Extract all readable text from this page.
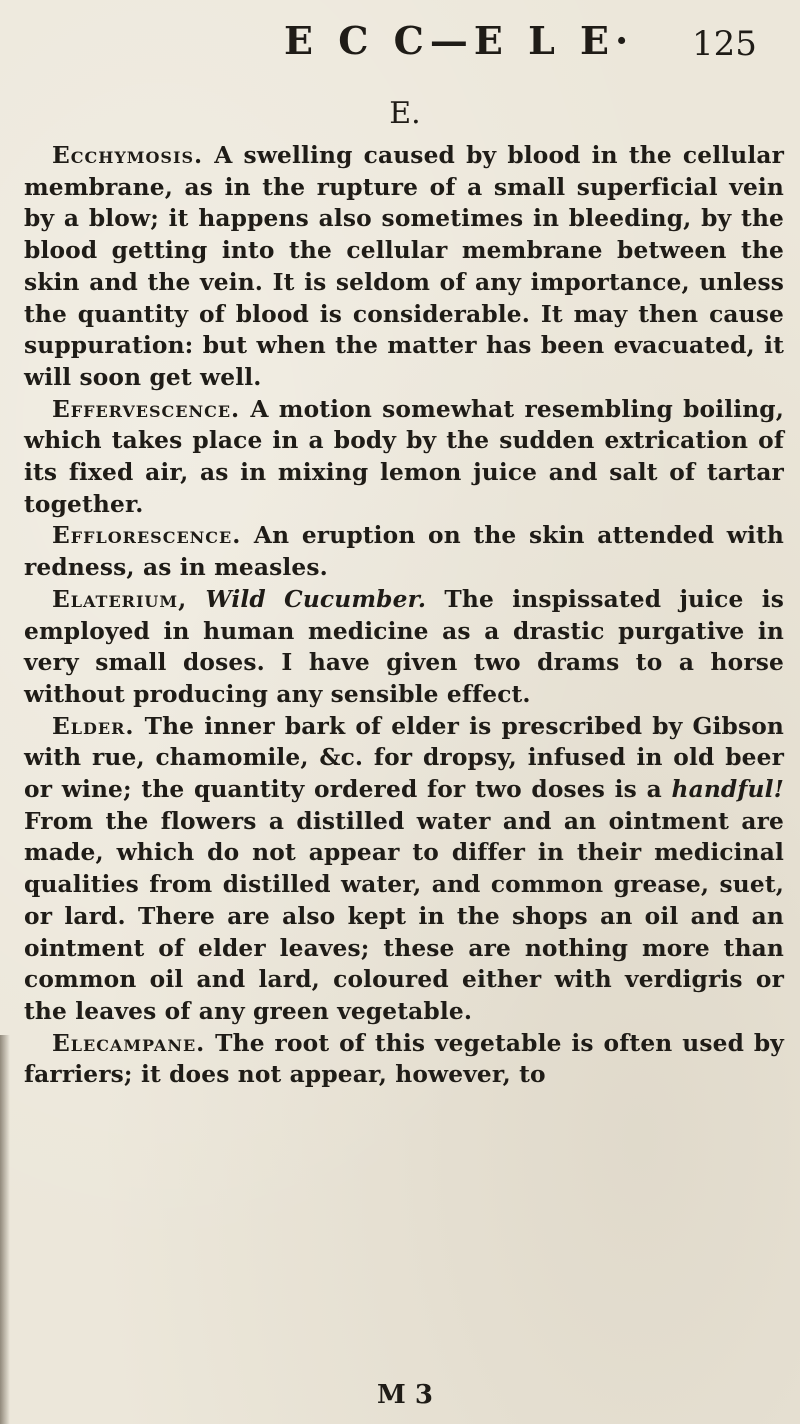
E C C—E L E· 125
E.

Ecchymosis. A swelling caused by blood in the cellular membrane, as in the rupture of a small superficial vein by a blow; it happens also sometimes in bleeding, by the blood getting into the cellular membrane between the skin and the vein. It is seldom of any importance, unless the quantity of blood is considerable. It may then cause suppuration: but when the matter has been evacuated, it will soon get well.

Effervescence. A motion somewhat resembling boiling, which takes place in a body by the sudden extrication of its fixed air, as in mixing lemon juice and salt of tartar together.

Efflorescence. An eruption on the skin attended with redness, as in measles.

Elaterium, Wild Cucumber. The inspissated juice is employed in human medicine as a drastic purgative in very small doses. I have given two drams to a horse without producing any sensible effect.

Elder. The inner bark of elder is prescribed by Gibson with rue, chamomile, &c. for dropsy, infused in old beer or wine; the quantity ordered for two doses is a handful! From the flowers a distilled water and an ointment are made, which do not appear to differ in their medicinal qualities from distilled water, and common grease, suet, or lard. There are also kept in the shops an oil and an ointment of elder leaves; these are nothing more than common oil and lard, coloured either with verdigris or the leaves of any green vegetable.

Elecampane. The root of this vegetable is often used by farriers; it does not appear, however, to

M 3
